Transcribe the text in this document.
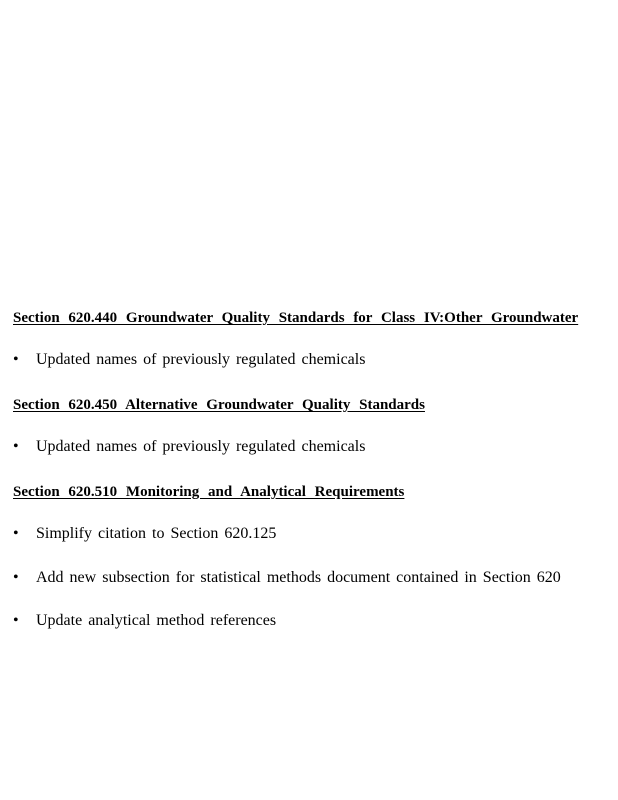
Section 620.440 Groundwater Quality Standards for Class IV:Other Groundwater
• Updated names of previously regulated chemicals
Section 620.450 Alternative Groundwater Quality Standards
• Updated names of previously regulated chemicals
Section 620.510 Monitoring and Analytical Requirements
• Simplify citation to Section 620.125
• Add new subsection for statistical methods document contained in Section 620
• Update analytical method references
